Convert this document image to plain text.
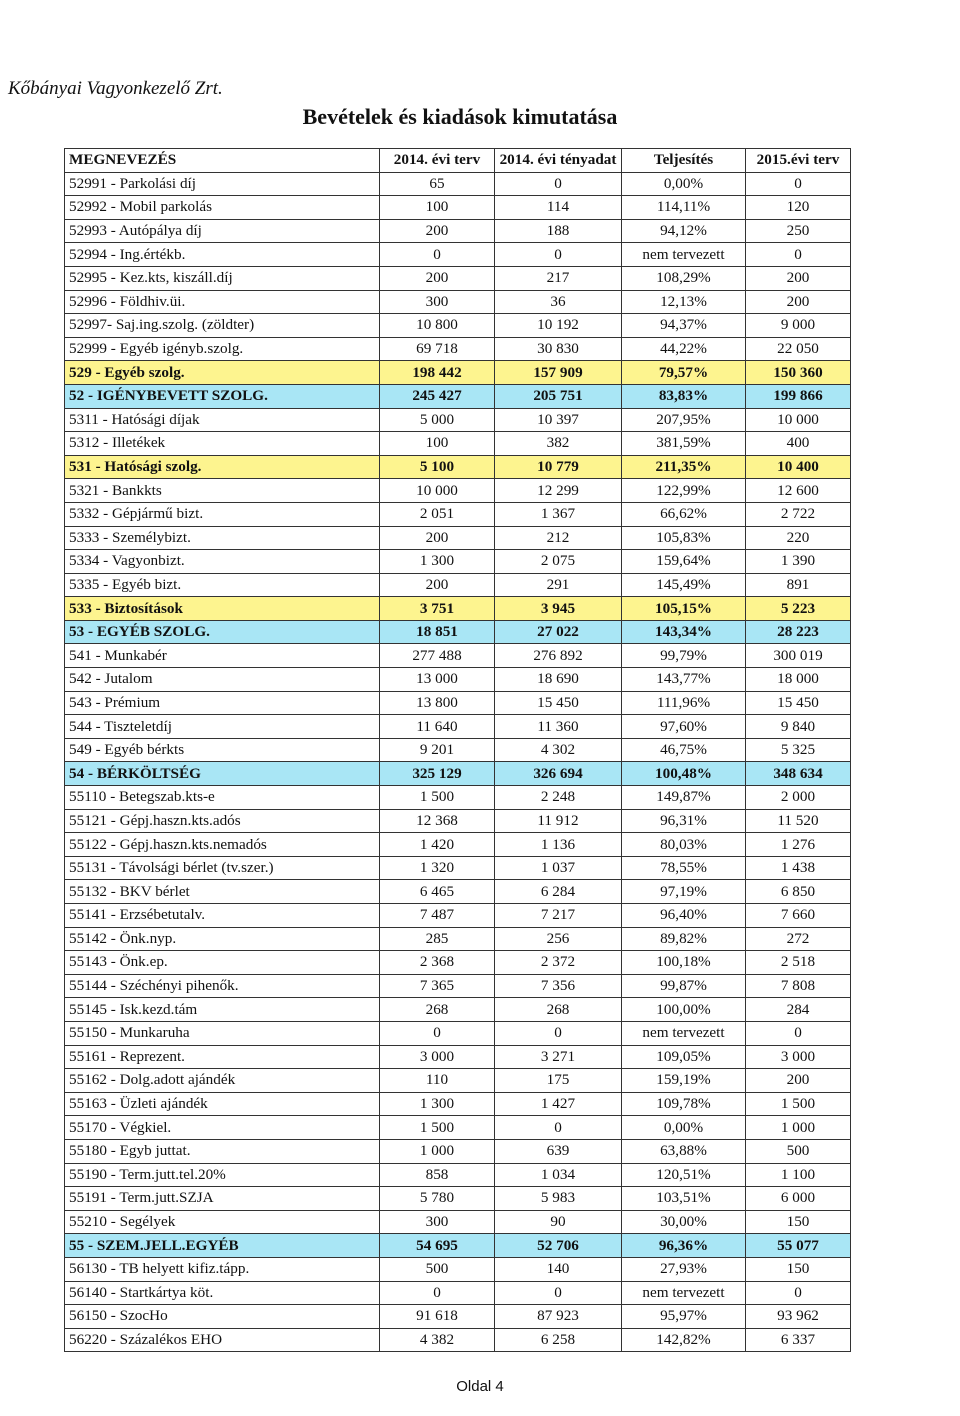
Kőbányai Vagyonkezelő Zrt.
Bevételek és kiadások kimutatása
MEGNEVEZÉS	2014. évi terv	2014. évi tényadat	Teljesítés	2015.évi terv
52991 - Parkolási díj	65	0	0,00%	0
52992 - Mobil parkolás	100	114	114,11%	120
52993 - Autópálya díj	200	188	94,12%	250
52994 - Ing.értékb.	0	0	nem tervezett	0
52995 - Kez.kts, kiszáll.díj	200	217	108,29%	200
52996 - Földhiv.üi.	300	36	12,13%	200
52997- Saj.ing.szolg. (zöldter)	10 800	10 192	94,37%	9 000
52999 - Egyéb igényb.szolg.	69 718	30 830	44,22%	22 050
529 - Egyéb szolg.	198 442	157 909	79,57%	150 360
52 - IGÉNYBEVETT SZOLG.	245 427	205 751	83,83%	199 866
5311 - Hatósági díjak	5 000	10 397	207,95%	10 000
5312 - Illetékek	100	382	381,59%	400
531 - Hatósági szolg.	5 100	10 779	211,35%	10 400
5321 - Bankkts	10 000	12 299	122,99%	12 600
5332 - Gépjármű bizt.	2 051	1 367	66,62%	2 722
5333 - Személybizt.	200	212	105,83%	220
5334 - Vagyonbizt.	1 300	2 075	159,64%	1 390
5335 - Egyéb bizt.	200	291	145,49%	891
533 - Biztosítások	3 751	3 945	105,15%	5 223
53 - EGYÉB SZOLG.	18 851	27 022	143,34%	28 223
541 - Munkabér	277 488	276 892	99,79%	300 019
542 - Jutalom	13 000	18 690	143,77%	18 000
543 - Prémium	13 800	15 450	111,96%	15 450
544 - Tiszteletdíj	11 640	11 360	97,60%	9 840
549 - Egyéb bérkts	9 201	4 302	46,75%	5 325
54 - BÉRKÖLTSÉG	325 129	326 694	100,48%	348 634
55110 - Betegszab.kts-e	1 500	2 248	149,87%	2 000
55121 - Gépj.haszn.kts.adós	12 368	11 912	96,31%	11 520
55122 - Gépj.haszn.kts.nemadós	1 420	1 136	80,03%	1 276
55131 - Távolsági bérlet (tv.szer.)	1 320	1 037	78,55%	1 438
55132 - BKV bérlet	6 465	6 284	97,19%	6 850
55141 - Erzsébetutalv.	7 487	7 217	96,40%	7 660
55142 - Önk.nyp.	285	256	89,82%	272
55143 - Önk.ep.	2 368	2 372	100,18%	2 518
55144 - Széchényi pihenők.	7 365	7 356	99,87%	7 808
55145 - Isk.kezd.tám	268	268	100,00%	284
55150 - Munkaruha	0	0	nem tervezett	0
55161 - Reprezent.	3 000	3 271	109,05%	3 000
55162 - Dolg.adott ajándék	110	175	159,19%	200
55163 - Üzleti ajándék	1 300	1 427	109,78%	1 500
55170 - Végkiel.	1 500	0	0,00%	1 000
55180 - Egyb juttat.	1 000	639	63,88%	500
55190 - Term.jutt.tel.20%	858	1 034	120,51%	1 100
55191 - Term.jutt.SZJA	5 780	5 983	103,51%	6 000
55210 - Segélyek	300	90	30,00%	150
55 - SZEM.JELL.EGYÉB	54 695	52 706	96,36%	55 077
56130 - TB helyett kifiz.tápp.	500	140	27,93%	150
56140 - Startkártya köt.	0	0	nem tervezett	0
56150 - SzocHo	91 618	87 923	95,97%	93 962
56220 - Százalékos EHO	4 382	6 258	142,82%	6 337
Oldal 4
